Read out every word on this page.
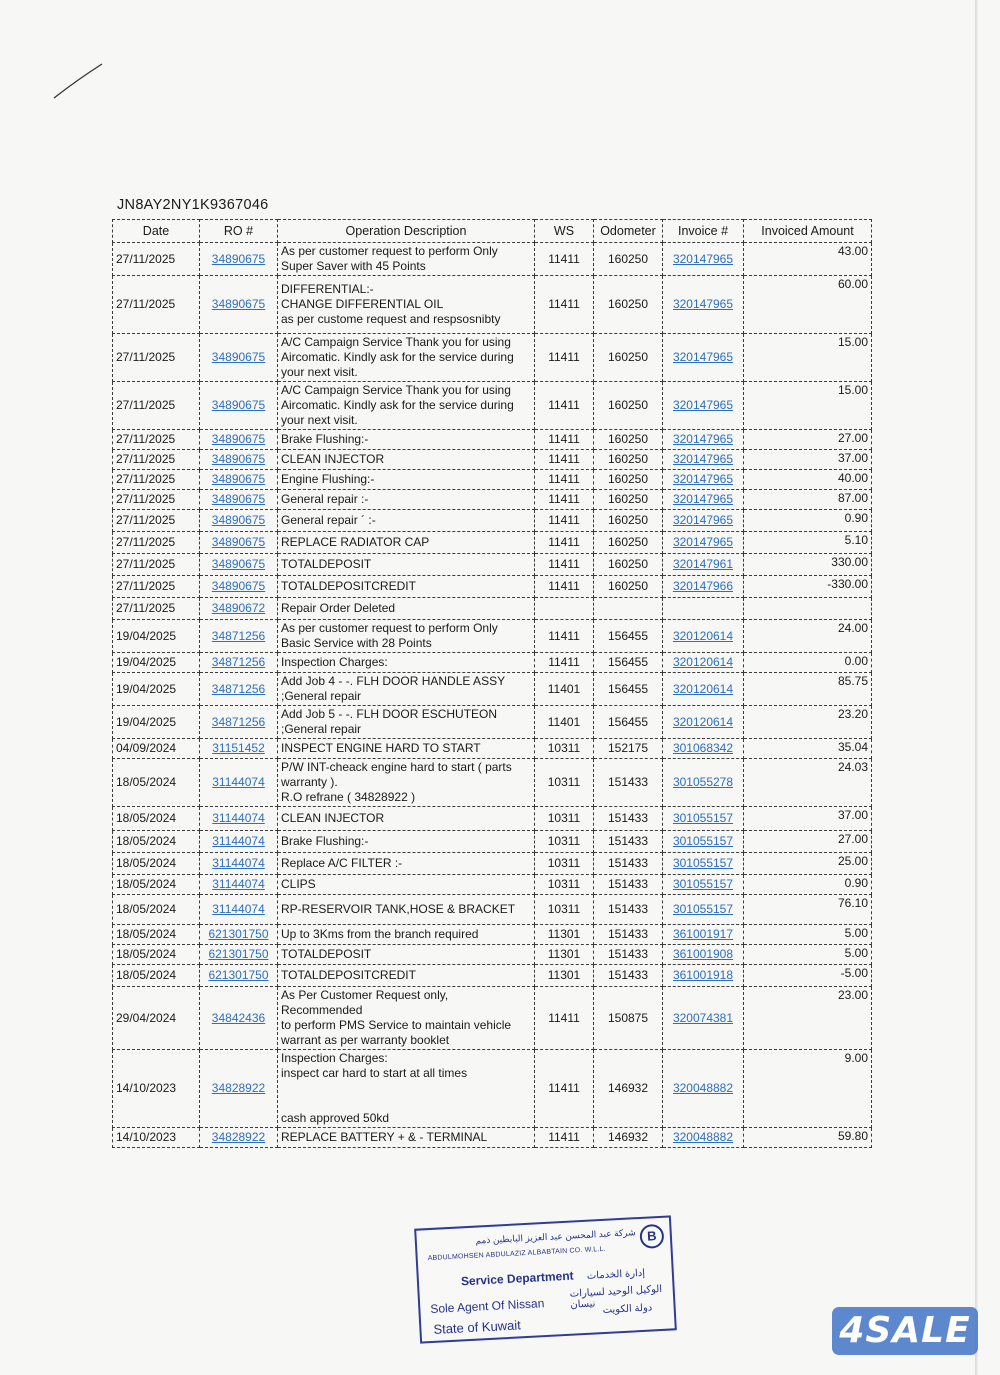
JN8AY2NY1K9367046
Date	RO #	Operation Description	WS	Odometer	Invoice #	Invoiced Amount
27/11/2025	34890675	As per customer request to perform Only
Super Saver with 45 Points	11411	160250	320147965	43.00
27/11/2025	34890675	DIFFERENTIAL:-
CHANGE DIFFERENTIAL OIL
as per custome request and respsosnibty	11411	160250	320147965	60.00
27/11/2025	34890675	A/C Campaign Service Thank you for using
Aircomatic. Kindly ask for the service during
your next visit.	11411	160250	320147965	15.00
27/11/2025	34890675	A/C Campaign Service Thank you for using
Aircomatic. Kindly ask for the service during
your next visit.	11411	160250	320147965	15.00
27/11/2025	34890675	Brake Flushing:-	11411	160250	320147965	27.00
27/11/2025	34890675	CLEAN INJECTOR	11411	160250	320147965	37.00
27/11/2025	34890675	Engine Flushing:-	11411	160250	320147965	40.00
27/11/2025	34890675	General repair :-	11411	160250	320147965	87.00
27/11/2025	34890675	General repair ´ :-	11411	160250	320147965	0.90
27/11/2025	34890675	REPLACE RADIATOR CAP	11411	160250	320147965	5.10
27/11/2025	34890675	TOTALDEPOSIT	11411	160250	320147961	330.00
27/11/2025	34890675	TOTALDEPOSITCREDIT	11411	160250	320147966	-330.00
27/11/2025	34890672	Repair Order Deleted				
19/04/2025	34871256	As per customer request to perform Only
Basic Service with 28 Points	11411	156455	320120614	24.00
19/04/2025	34871256	Inspection Charges:	11411	156455	320120614	0.00
19/04/2025	34871256	Add Job 4 - -. FLH DOOR HANDLE ASSY
;General repair	11401	156455	320120614	85.75
19/04/2025	34871256	Add Job 5 - -. FLH DOOR ESCHUTEON
;General repair	11401	156455	320120614	23.20
04/09/2024	31151452	INSPECT ENGINE HARD TO START	10311	152175	301068342	35.04
18/05/2024	31144074	P/W INT-cheack engine hard to start ( parts
warranty ).
R.O refrane ( 34828922 )	10311	151433	301055278	24.03
18/05/2024	31144074	CLEAN INJECTOR	10311	151433	301055157	37.00
18/05/2024	31144074	Brake Flushing:-	10311	151433	301055157	27.00
18/05/2024	31144074	Replace A/C FILTER :-	10311	151433	301055157	25.00
18/05/2024	31144074	CLIPS	10311	151433	301055157	0.90
18/05/2024	31144074	RP-RESERVOIR TANK,HOSE & BRACKET	10311	151433	301055157	76.10
18/05/2024	621301750	Up to 3Kms from the branch required	11301	151433	361001917	5.00
18/05/2024	621301750	TOTALDEPOSIT	11301	151433	361001908	5.00
18/05/2024	621301750	TOTALDEPOSITCREDIT	11301	151433	361001918	-5.00
29/04/2024	34842436	As Per Customer Request only, Recommended
to perform PMS Service to maintain vehicle
warrant as per warranty booklet	11411	150875	320074381	23.00
14/10/2023	34828922	Inspection Charges:
inspect car hard to start at all times

cash approved 50kd	11411	146932	320048882	9.00
14/10/2023	34828922	REPLACE BATTERY + & - TERMINAL	11411	146932	320048882	59.80
B
شركة عبد المحسن عبد العزيز البابطين ذمم
ABDULMOHSEN ABDULAZIZ ALBABTAIN CO. W.L.L.
Service Department إدارة الخدمات
Sole Agent Of Nissan
الوكيل الوحيد لسيارات نيسان
State of Kuwait
دولة الكويت
4SALE
